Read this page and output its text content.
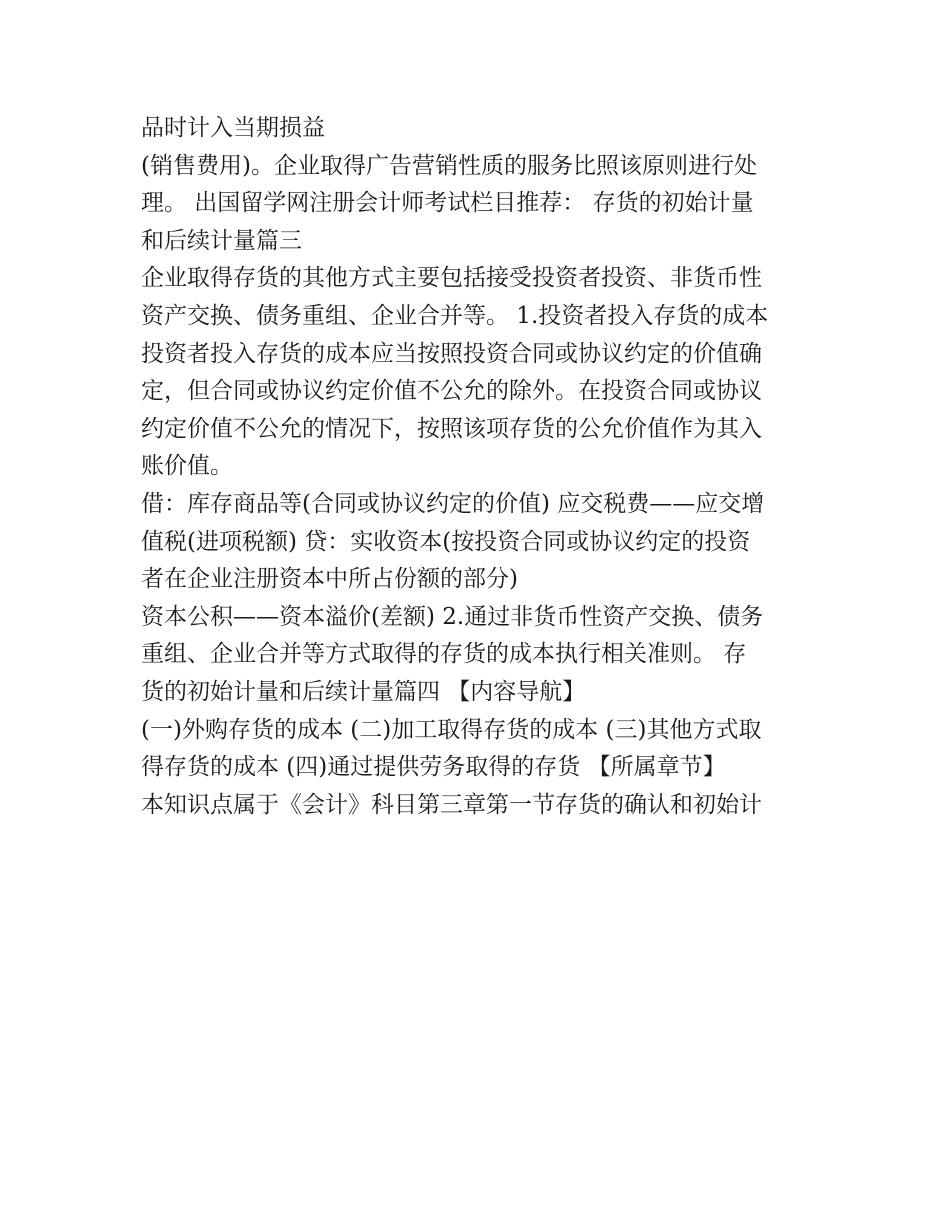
品时计入当期损益
(销售费用)。企业取得广告营销性质的服务比照该原则进行处
理。 出国留学网注册会计师考试栏目推荐： 存货的初始计量
和后续计量篇三
企业取得存货的其他方式主要包括接受投资者投资、非货币性
资产交换、债务重组、企业合并等。 1.投资者投入存货的成本
投资者投入存货的成本应当按照投资合同或协议约定的价值确
定，但合同或协议约定价值不公允的除外。在投资合同或协议
约定价值不公允的情况下，按照该项存货的公允价值作为其入
账价值。
借：库存商品等(合同或协议约定的价值) 应交税费——应交增
值税(进项税额) 贷：实收资本(按投资合同或协议约定的投资
者在企业注册资本中所占份额的部分)
资本公积——资本溢价(差额) 2.通过非货币性资产交换、债务
重组、企业合并等方式取得的存货的成本执行相关准则。 存
货的初始计量和后续计量篇四 【内容导航】
(一)外购存货的成本 (二)加工取得存货的成本 (三)其他方式取
得存货的成本 (四)通过提供劳务取得的存货 【所属章节】
本知识点属于《会计》科目第三章第一节存货的确认和初始计
